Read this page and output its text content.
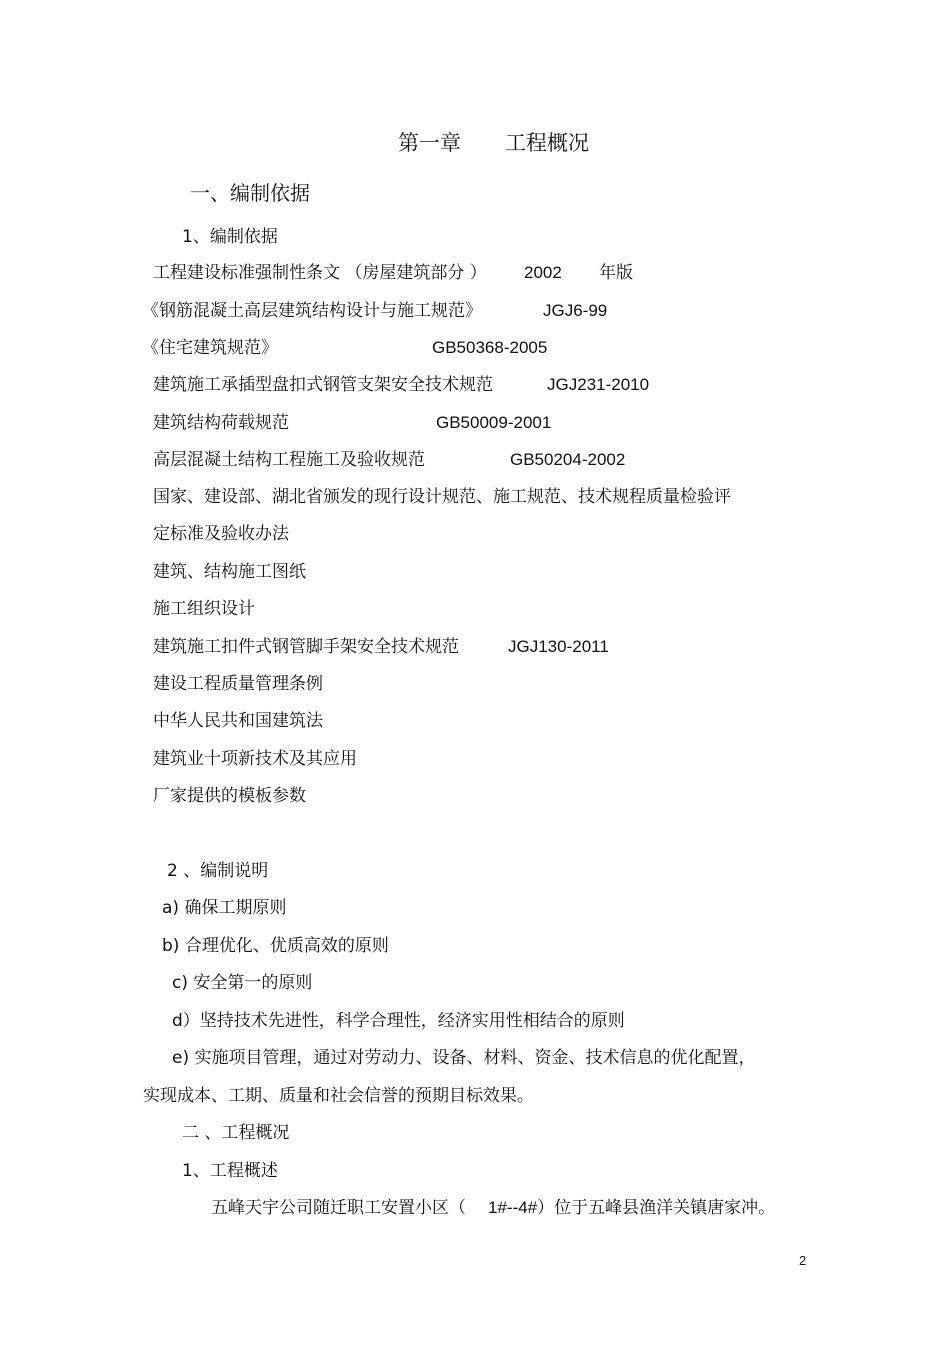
第一章 工程概况
一、编制依据
1、编制依据
工程建设标准强制性条文 （房屋建筑部分 ） 2002 年版
《钢筋混凝土高层建筑结构设计与施工规范》	JGJ6-99
《住宅建筑规范》	GB50368-2005
建筑施工承插型盘扣式钢管支架安全技术规范	JGJ231-2010
建筑结构荷载规范	GB50009-2001
高层混凝土结构工程施工及验收规范	GB50204-2002
国家、建设部、湖北省颁发的现行设计规范、施工规范、技术规程质量检验评
定标准及验收办法
建筑、结构施工图纸
施工组织设计
建筑施工扣件式钢管脚手架安全技术规范	JGJ130-2011
建设工程质量管理条例
中华人民共和国建筑法
建筑业十项新技术及其应用
厂家提供的模板参数
2 、编制说明
a) 确保工期原则
b) 合理优化、优质高效的原则
c) 安全第一的原则
d）坚持技术先进性，科学合理性，经济实用性相结合的原则
e) 实施项目管理，通过对劳动力、设备、材料、资金、技术信息的优化配置，
实现成本、工期、质量和社会信誉的预期目标效果。
二 、工程概况
1、工程概述
五峰天宇公司随迁职工安置小区（ 1#--4#）位于五峰县渔洋关镇唐家冲。
2
